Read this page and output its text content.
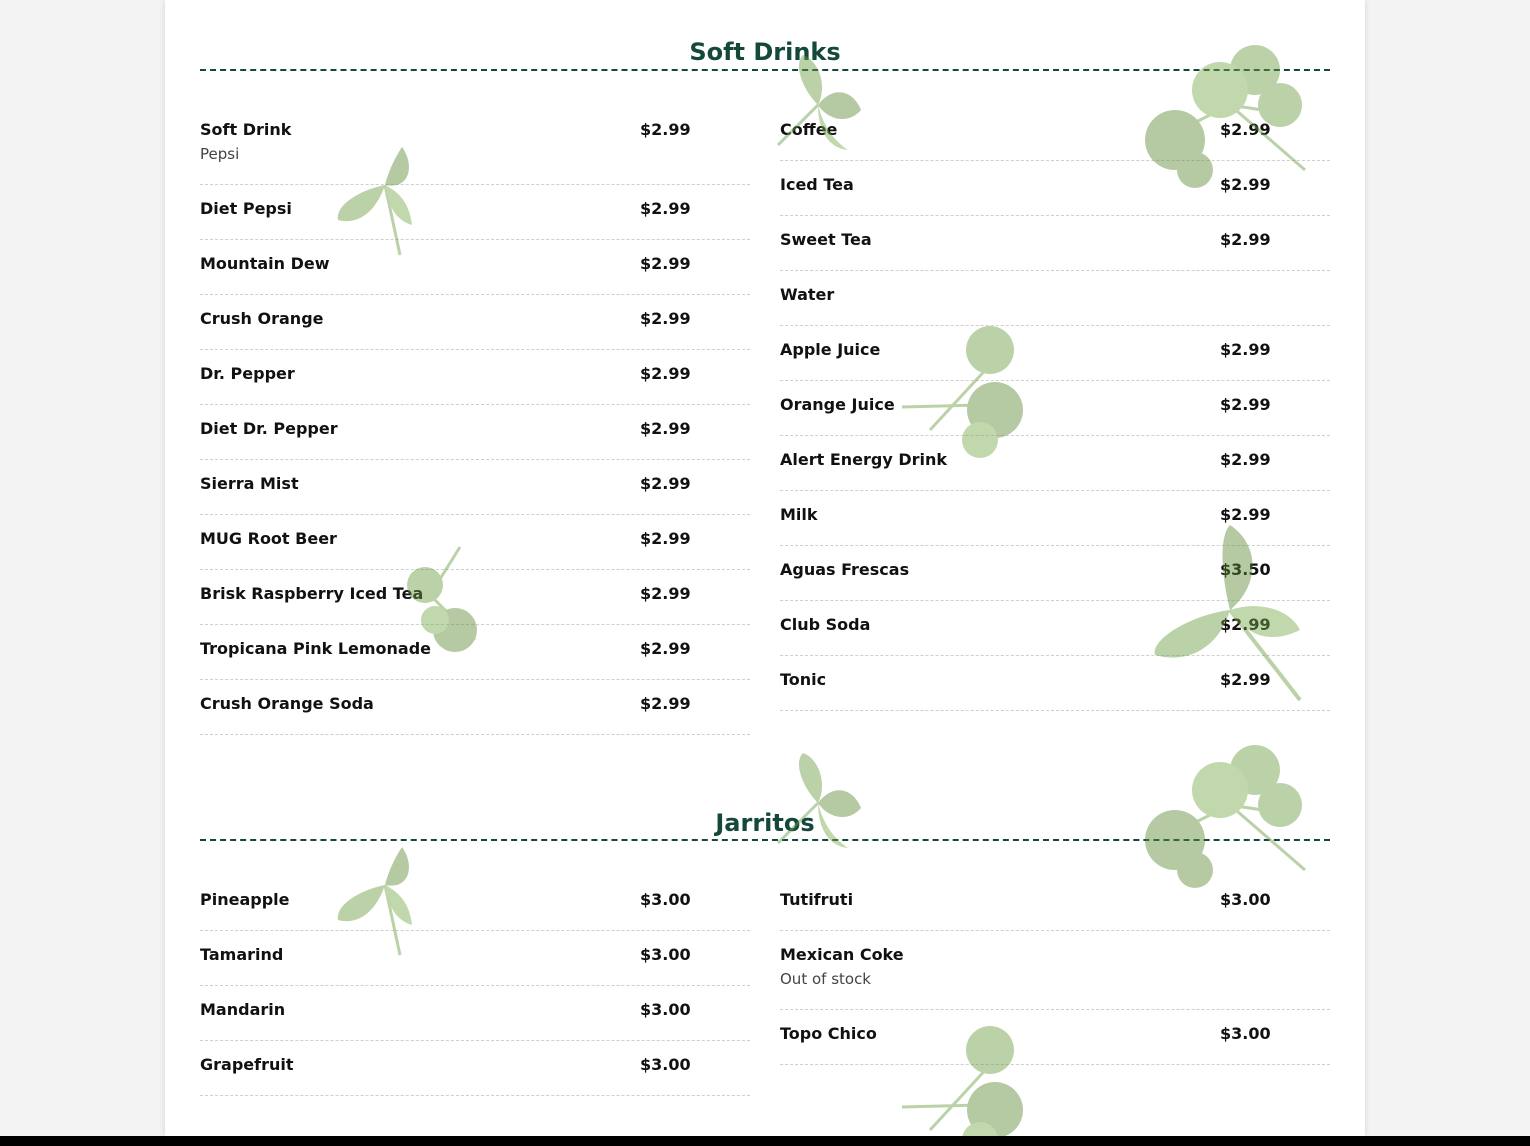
Soft Drinks
Soft Drink	$2.99
Pepsi
Diet Pepsi	$2.99
Mountain Dew	$2.99
Crush Orange	$2.99
Dr. Pepper	$2.99
Diet Dr. Pepper	$2.99
Sierra Mist	$2.99
MUG Root Beer	$2.99
Brisk Raspberry Iced Tea	$2.99
Tropicana Pink Lemonade	$2.99
Crush Orange Soda	$2.99
Coffee	$2.99
Iced Tea	$2.99
Sweet Tea	$2.99
Water
Apple Juice	$2.99
Orange Juice	$2.99
Alert Energy Drink	$2.99
Milk	$2.99
Aguas Frescas	$3.50
Club Soda	$2.99
Tonic	$2.99
Jarritos
Pineapple	$3.00
Tamarind	$3.00
Mandarin	$3.00
Grapefruit	$3.00
Tutifruti	$3.00
Mexican Coke
Out of stock
Topo Chico	$3.00
